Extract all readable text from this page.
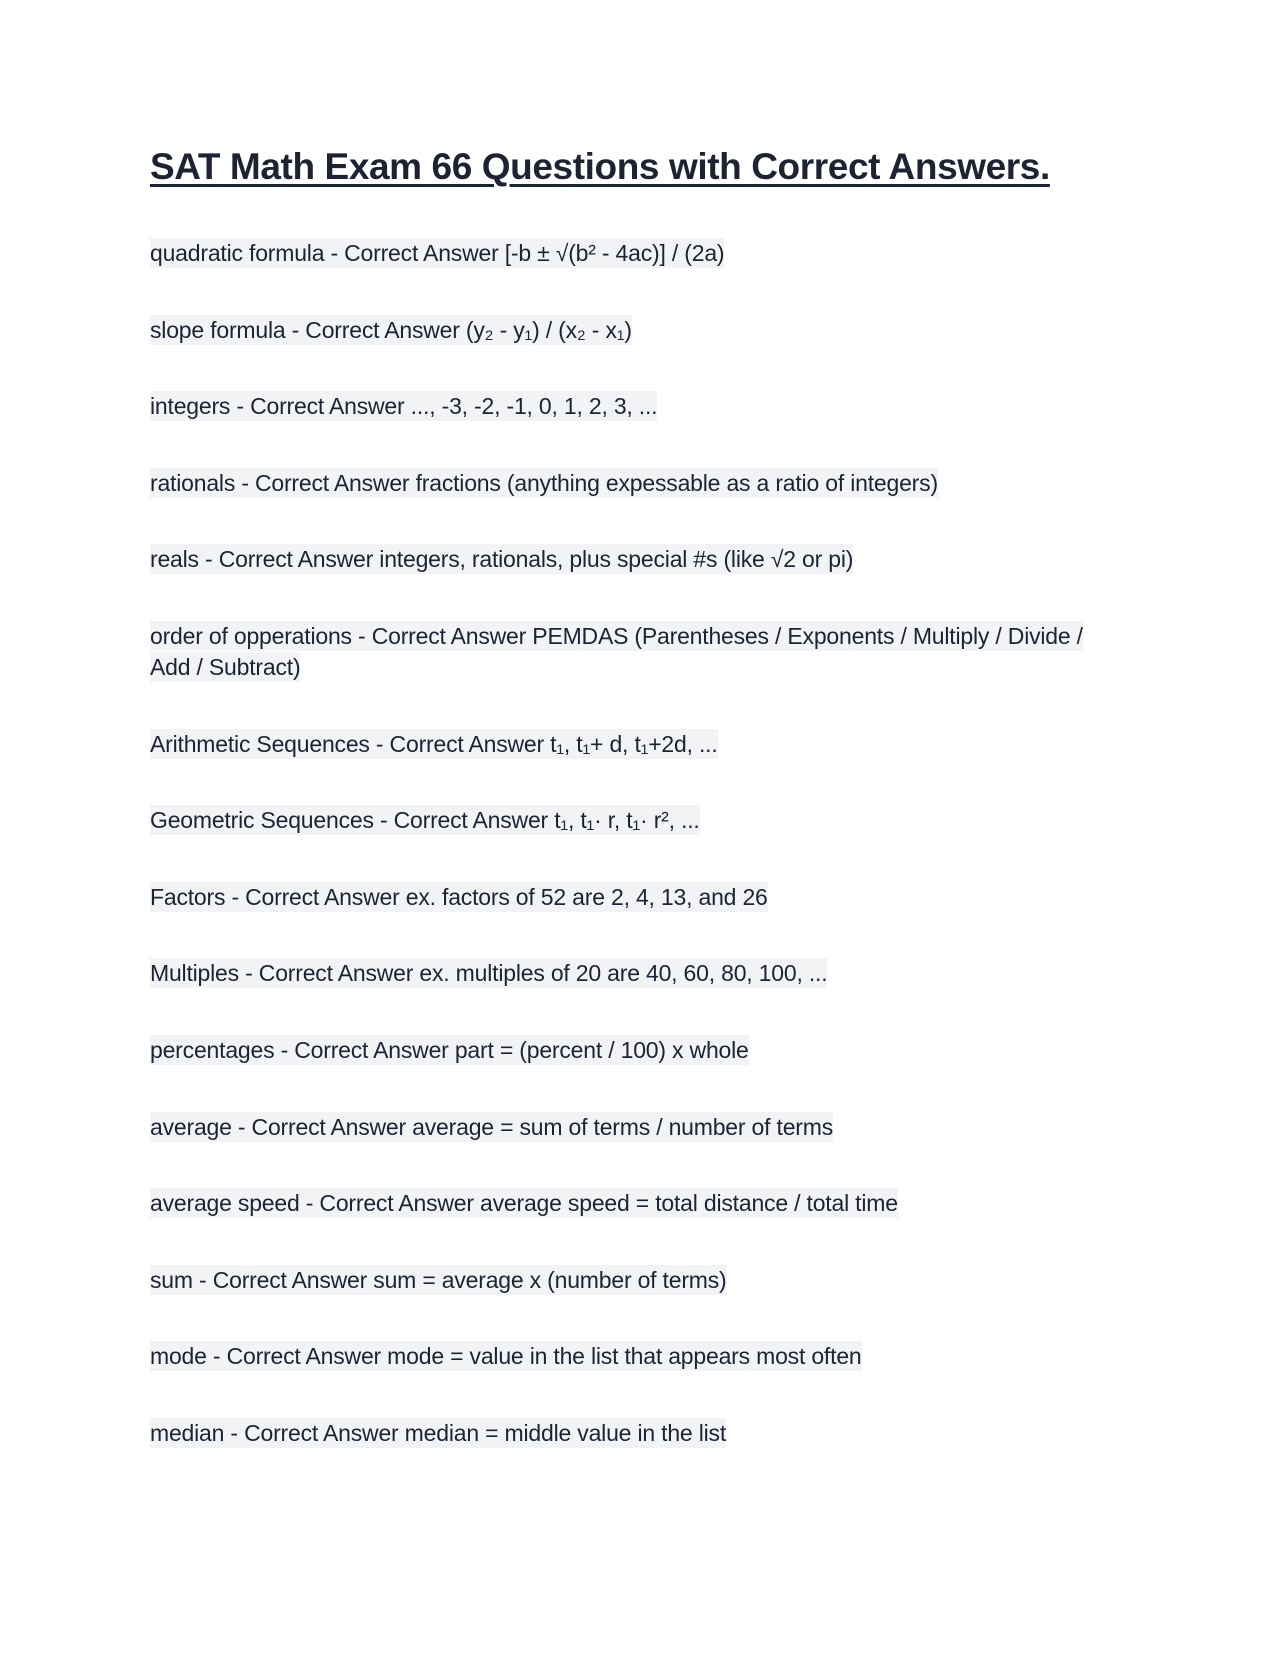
SAT Math Exam 66 Questions with Correct Answers.
quadratic formula - Correct Answer [-b ± √(b² - 4ac)] / (2a)
slope formula - Correct Answer (y₂ - y₁) / (x₂ - x₁)
integers - Correct Answer ..., -3, -2, -1, 0, 1, 2, 3, ...
rationals - Correct Answer fractions (anything expessable as a ratio of integers)
reals - Correct Answer integers, rationals, plus special #s (like √2 or pi)
order of opperations - Correct Answer PEMDAS (Parentheses / Exponents / Multiply / Divide / Add / Subtract)
Arithmetic Sequences - Correct Answer t₁, t₁+ d, t₁+2d, ...
Geometric Sequences - Correct Answer t₁, t₁· r, t₁· r², ...
Factors - Correct Answer ex. factors of 52 are 2, 4, 13, and 26
Multiples - Correct Answer ex. multiples of 20 are 40, 60, 80, 100, ...
percentages - Correct Answer part = (percent / 100) x whole
average - Correct Answer average = sum of terms / number of terms
average speed - Correct Answer average speed = total distance / total time
sum - Correct Answer sum = average x (number of terms)
mode - Correct Answer mode = value in the list that appears most often
median - Correct Answer median = middle value in the list
